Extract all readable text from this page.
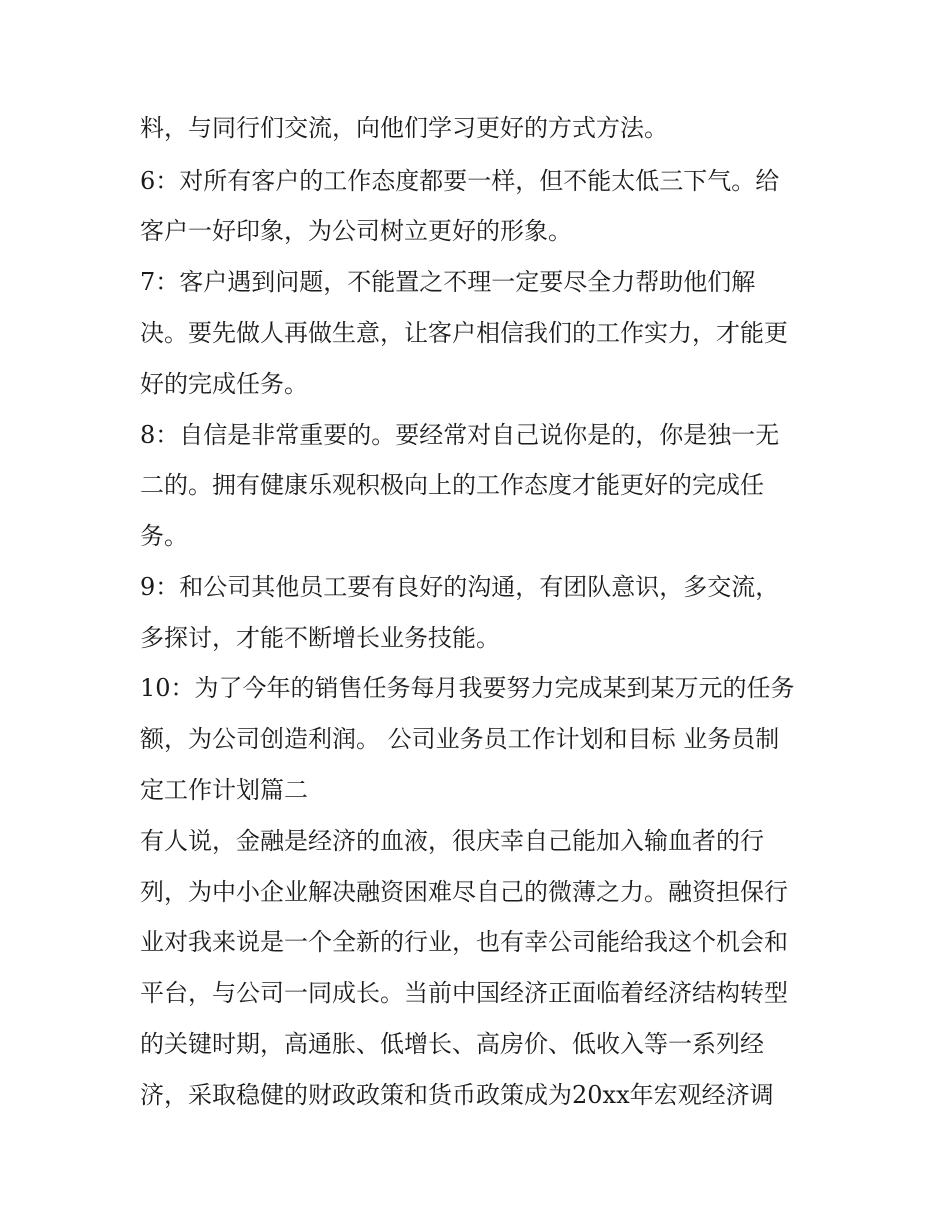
料，与同行们交流，向他们学习更好的方式方法。
6：对所有客户的工作态度都要一样，但不能太低三下气。给
客户一好印象，为公司树立更好的形象。
7：客户遇到问题，不能置之不理一定要尽全力帮助他们解
决。要先做人再做生意，让客户相信我们的工作实力，才能更
好的完成任务。
8：自信是非常重要的。要经常对自己说你是的，你是独一无
二的。拥有健康乐观积极向上的工作态度才能更好的完成任
务。
9：和公司其他员工要有良好的沟通，有团队意识，多交流，
多探讨，才能不断增长业务技能。
10：为了今年的销售任务每月我要努力完成某到某万元的任务
额，为公司创造利润。 公司业务员工作计划和目标 业务员制
定工作计划篇二
有人说，金融是经济的血液，很庆幸自己能加入输血者的行
列，为中小企业解决融资困难尽自己的微薄之力。融资担保行
业对我来说是一个全新的行业，也有幸公司能给我这个机会和
平台，与公司一同成长。当前中国经济正面临着经济结构转型
的关键时期，高通胀、低增长、高房价、低收入等一系列经
济，采取稳健的财政政策和货币政策成为20xx年宏观经济调
